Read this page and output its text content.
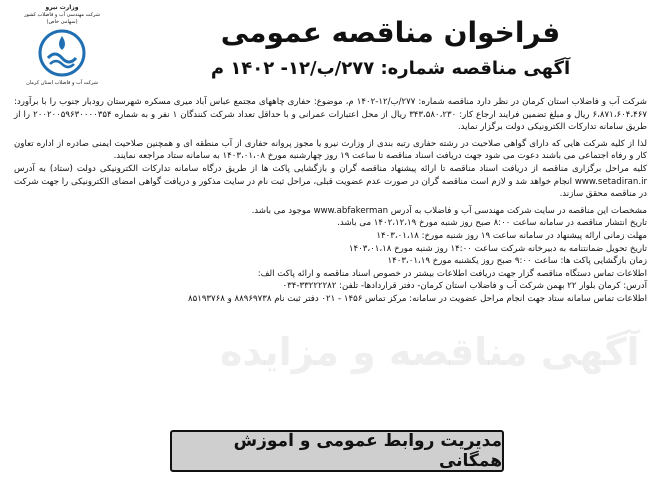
وزارت نیرو
شرکت مهندسی آب و فاضلاب کشور
(سهامی خاص)
شرکت آب و فاضلاب استان کرمان
فراخوان مناقصه عمومی
آگهی مناقصه شماره: ۲۷۷/ب/۱۲- ۱۴۰۲ م
آگهی مناقصه و مزایده

شرکت آب و فاضلاب استان کرمان در نظر دارد مناقصه شماره: ۲۷۷/ب/۱۲-۱۴۰۲ م، موضوع: حفاری چاههای مجتمع عباس آباد میری مسکره شهرستان رودبار جنوب را با برآورد: ۶،۸۷۱،۶۰۴،۴۶۷ ریال و مبلغ تضمین فرایند ارجاع کار: ۳۴۳،۵۸۰،۲۳۰ ریال از محل اعتبارات عمرانی و با حداقل تعداد شرکت کنندگان ۱ نفر و به شماره ۲۰۰۲۰۰۵۹۶۳۰۰۰۰۳۵۴ را از طریق سامانه تدارکات الکترونیکی دولت برگزار نماید.

لذا از کلیه شرکت هایی که دارای گواهی صلاحیت در رشته حفاری رتبه بندی از وزارت نیرو یا مجوز پروانه حفاری از آب منطقه ای و همچنین صلاحیت ایمنی صادره از اداره تعاون کار و رفاه اجتماعی می باشند دعوت می شود جهت دریافت اسناد مناقصه تا ساعت ۱۹ روز چهارشنبه مورخ ۱۴۰۳،۰۱،۰۸ به سامانه ستاد مراجعه نمایند.

کلیه مراحل برگزاری مناقصه از دریافت اسناد مناقصه تا ارائه پیشنهاد مناقصه گران و بازگشایی پاکت ها از طریق درگاه سامانه تدارکات الکترونیکی دولت (ستاد) به آدرس www.setadiran.ir انجام خواهد شد و لازم است مناقصه گران در صورت عدم عضویت قبلی، مراحل ثبت نام در سایت مذکور و دریافت گواهی امضای الکترونیکی را جهت شرکت در مناقصه محقق سازند.

مشخصات این مناقصه در سایت شرکت مهندسی آب و فاضلاب به آدرس www.abfakerman موجود می باشد.

تاریخ انتشار مناقصه در سامانه ساعت ۸:۰۰ صبح روز شنبه مورخ ۱۴۰۲،۱۲،۱۹ می باشد.

مهلت زمانی ارائه پیشنهاد در سامانه ساعت ۱۹ روز شنبه مورخ: ۱۴۰۳،۰۱،۱۸

تاریخ تحویل ضمانتنامه به دبیرخانه شرکت ساعت ۱۴:۰۰ روز شنبه مورخ ۱۴۰۳،۰۱،۱۸

زمان بازگشایی پاکت ها: ساعت ۹:۰۰ صبح روز یکشنبه مورخ ۱۴۰۳،۰۱،۱۹

اطلاعات تماس دستگاه مناقصه گزار جهت دریافت اطلاعات بیشتر در خصوص اسناد مناقصه و ارائه پاکت الف:

آدرس: کرمان بلوار ۲۲ بهمن شرکت آب و فاضلاب استان کرمان- دفتر قراردادها- تلفن: ۳۳۲۲۲۲۸۲-۰۳۴

اطلاعات تماس سامانه ستاد جهت انجام مراحل عضویت در سامانه: مرکز تماس ۱۴۵۶ - ۰۲۱ دفتر ثبت نام ۸۸۹۶۹۷۳۸ و ۸۵۱۹۳۷۶۸

مدیریت روابط عمومی و آموزش همگانی
